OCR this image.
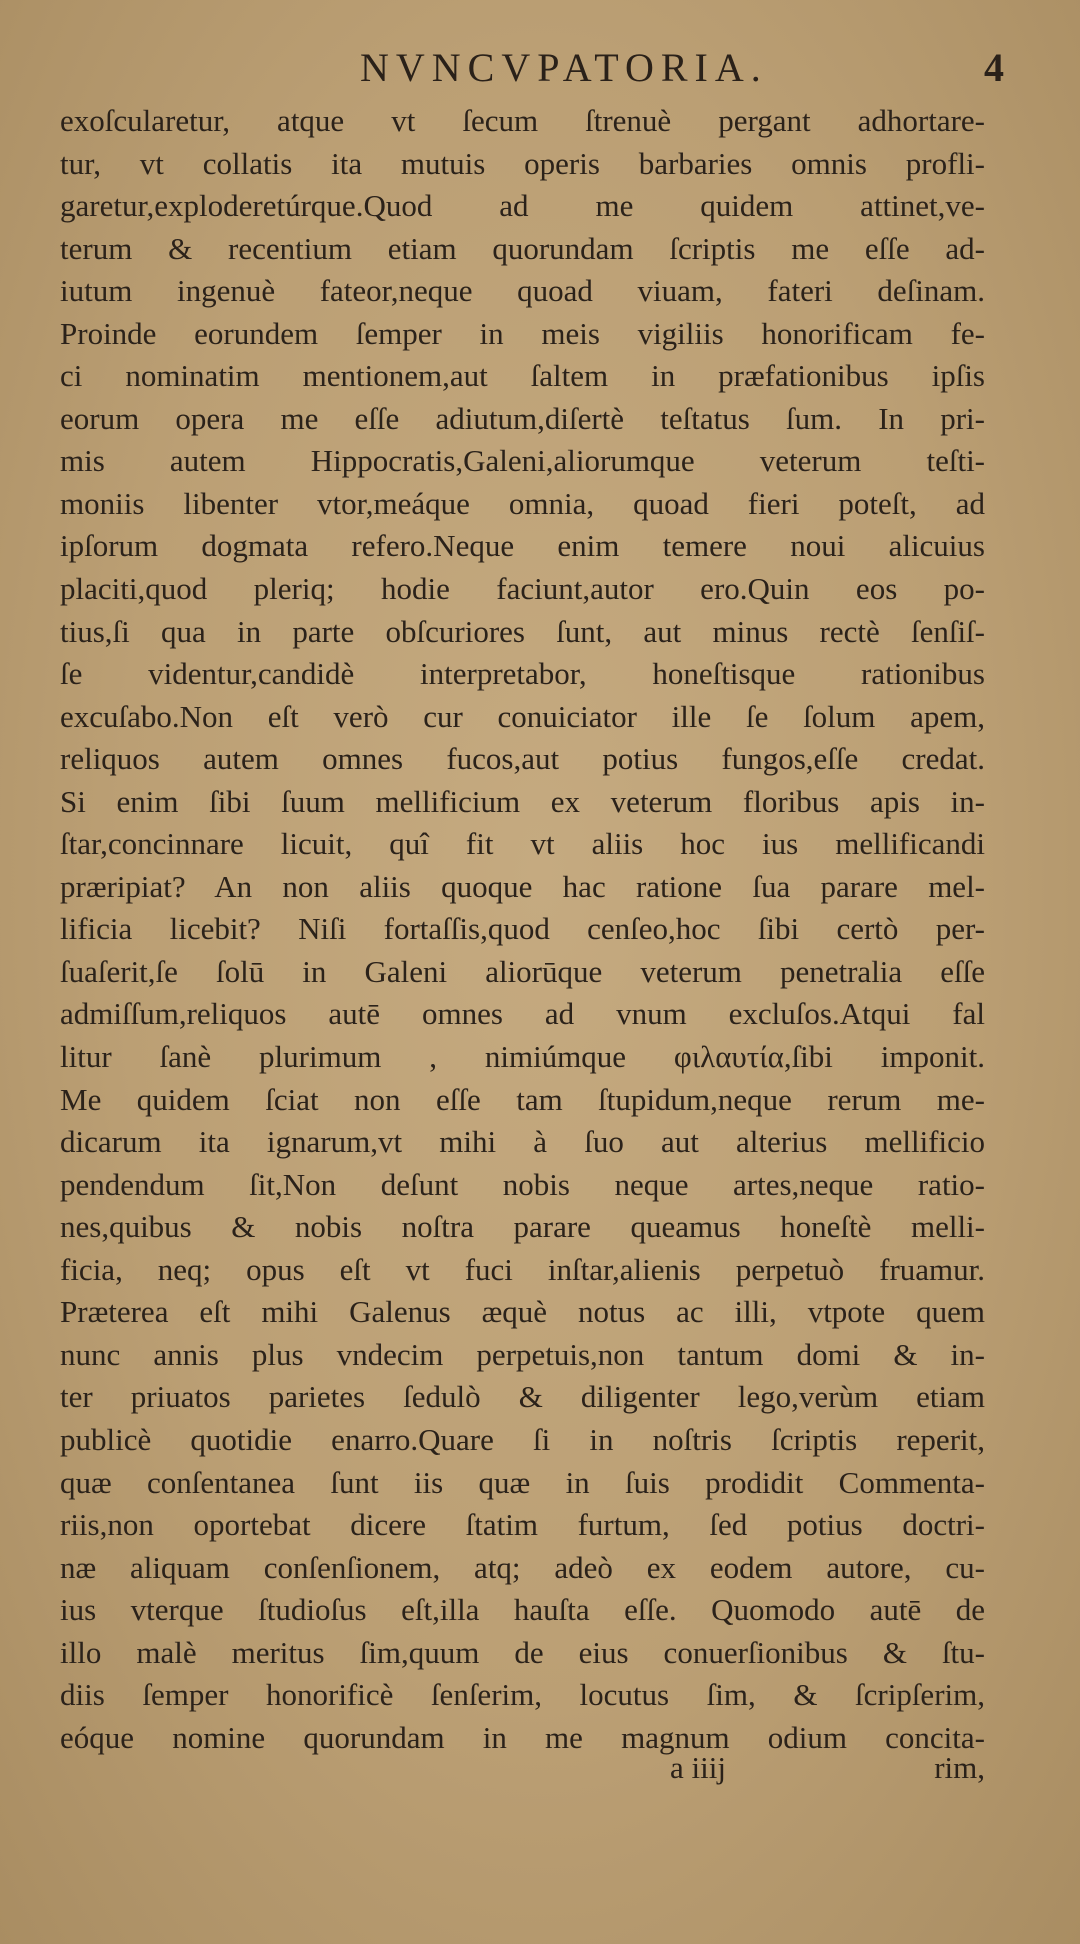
NVNCVPATORIA.	4
exoſcularetur, atque vt ſecum ſtrenuè pergant adhortare-
tur, vt collatis ita mutuis operis barbaries omnis profli-
garetur,exploderetúrque.Quod ad me quidem attinet,ve-
terum & recentium etiam quorundam ſcriptis me eſſe ad-
iutum ingenuè fateor,neque quoad viuam, fateri deſinam.
Proinde eorundem ſemper in meis vigiliis honorificam fe-
ci nominatim mentionem,aut ſaltem in præfationibus ipſis
eorum opera me eſſe adiutum,diſertè teſtatus ſum. In pri-
mis autem Hippocratis,Galeni,aliorumque veterum teſti-
moniis libenter vtor,meáque omnia, quoad fieri poteſt, ad
ipſorum dogmata refero.Neque enim temere noui alicuius
placiti,quod pleriq; hodie faciunt,autor ero.Quin eos po-
tius,ſi qua in parte obſcuriores ſunt, aut minus rectè ſenſiſ-
ſe videntur,candidè interpretabor, honeſtisque rationibus
excuſabo.Non eſt verò cur conuiciator ille ſe ſolum apem,
reliquos autem omnes fucos,aut potius fungos,eſſe credat.
Si enim ſibi ſuum mellificium ex veterum floribus apis in-
ſtar,concinnare licuit, quî fit vt aliis hoc ius mellificandi
præripiat? An non aliis quoque hac ratione ſua parare mel-
lificia licebit? Niſi fortaſſis,quod cenſeo,hoc ſibi certò per-
ſuaſerit,ſe ſolū in Galeni aliorūque veterum penetralia eſſe
admiſſum,reliquos autē omnes ad vnum excluſos.Atqui fal
litur ſanè plurimum , nimiúmque φιλαυτία,ſibi imponit.
Me quidem ſciat non eſſe tam ſtupidum,neque rerum me-
dicarum ita ignarum,vt mihi à ſuo aut alterius mellificio
pendendum ſit,Non deſunt nobis neque artes,neque ratio-
nes,quibus & nobis noſtra parare queamus honeſtè melli-
ficia, neq; opus eſt vt fuci inſtar,alienis perpetuò fruamur.
Præterea eſt mihi Galenus æquè notus ac illi, vtpote quem
nunc annis plus vndecim perpetuis,non tantum domi & in-
ter priuatos parietes ſedulò & diligenter lego,verùm etiam
publicè quotidie enarro.Quare ſi in noſtris ſcriptis reperit,
quæ conſentanea ſunt iis quæ in ſuis prodidit Commenta-
riis,non oportebat dicere ſtatim furtum, ſed potius doctri-
næ aliquam conſenſionem, atq; adeò ex eodem autore, cu-
ius vterque ſtudioſus eſt,illa hauſta eſſe. Quomodo autē de
illo malè meritus ſim,quum de eius conuerſionibus & ſtu-
diis ſemper honorificè ſenſerim, locutus ſim, & ſcripſerim,
eóque nomine quorundam in me magnum odium concita-
a iiij	rim,
